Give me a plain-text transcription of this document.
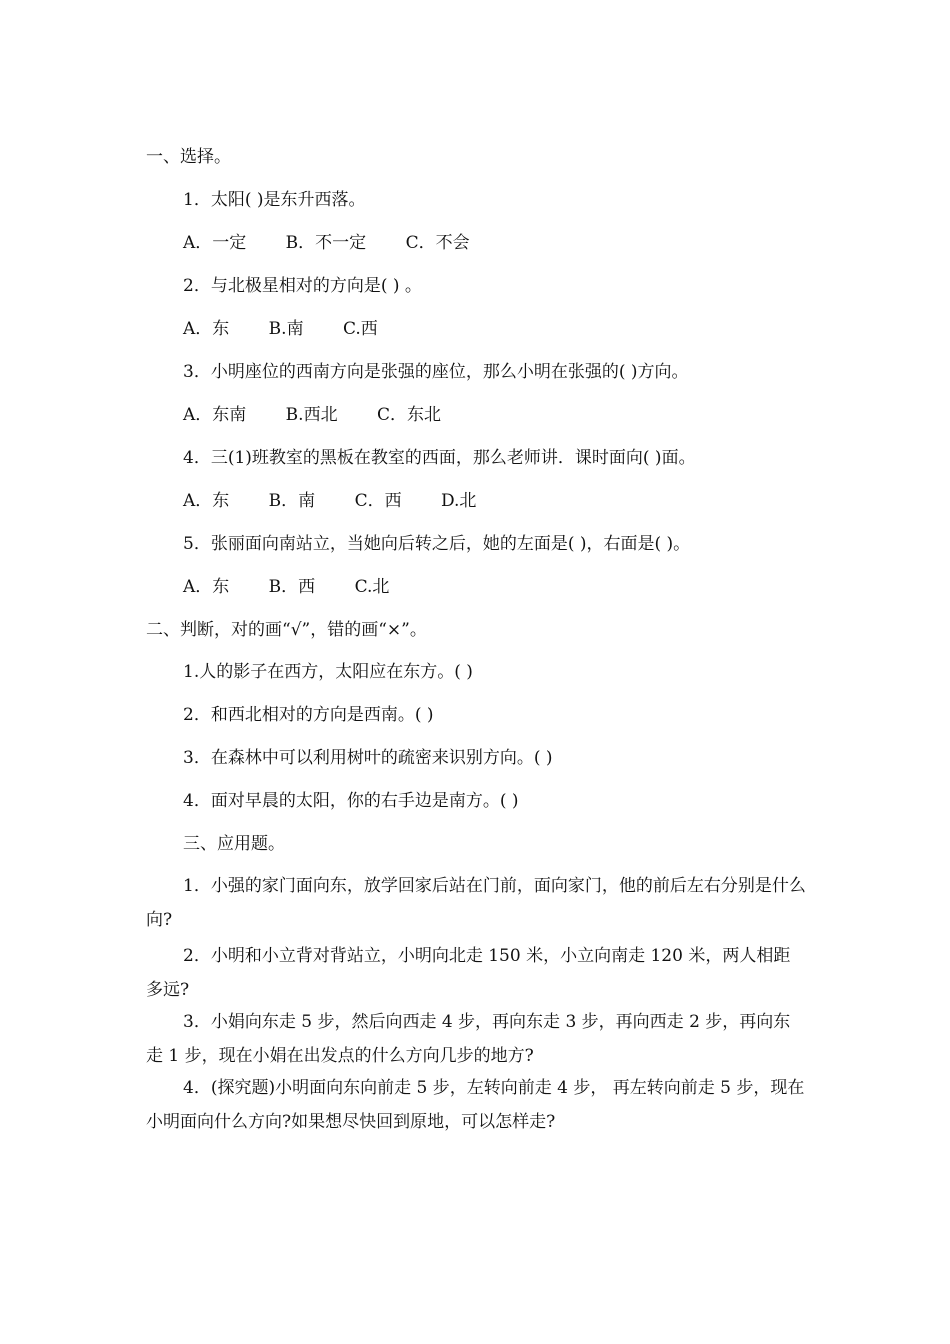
一、选择。
1．太阳( )是东升西落。
A．一定　　 B．不一定　　 C．不会
2．与北极星相对的方向是( ) 。
A．东　　 B.南　　 C.西
3．小明座位的西南方向是张强的座位，那么小明在张强的( )方向。
A．东南　　 B.西北　　 C．东北
4．三(1)班教室的黑板在教室的西面，那么老师讲．课时面向( )面。
A．东　　 B．南　　 C．西　　 D.北
5．张丽面向南站立，当她向后转之后，她的左面是( )，右面是( )。
A．东　　 B．西　　 C.北
二、判断，对的画“√”，错的画“×”。
1.人的影子在西方，太阳应在东方。( )
2．和西北相对的方向是西南。( )
3．在森林中可以利用树叶的疏密来识别方向。( )
4．面对早晨的太阳，你的右手边是南方。( )
三、应用题。
1．小强的家门面向东，放学回家后站在门前，面向家门，他的前后左右分别是什么向?
2．小明和小立背对背站立，小明向北走 150 米，小立向南走 120 米，两人相距多远?
3．小娟向东走 5 步，然后向西走 4 步，再向东走 3 步，再向西走 2 步，再向东走 1 步，现在小娟在出发点的什么方向几步的地方?
4．(探究题)小明面向东向前走 5 步，左转向前走 4 步， 再左转向前走 5 步，现在小明面向什么方向?如果想尽快回到原地，可以怎样走?
